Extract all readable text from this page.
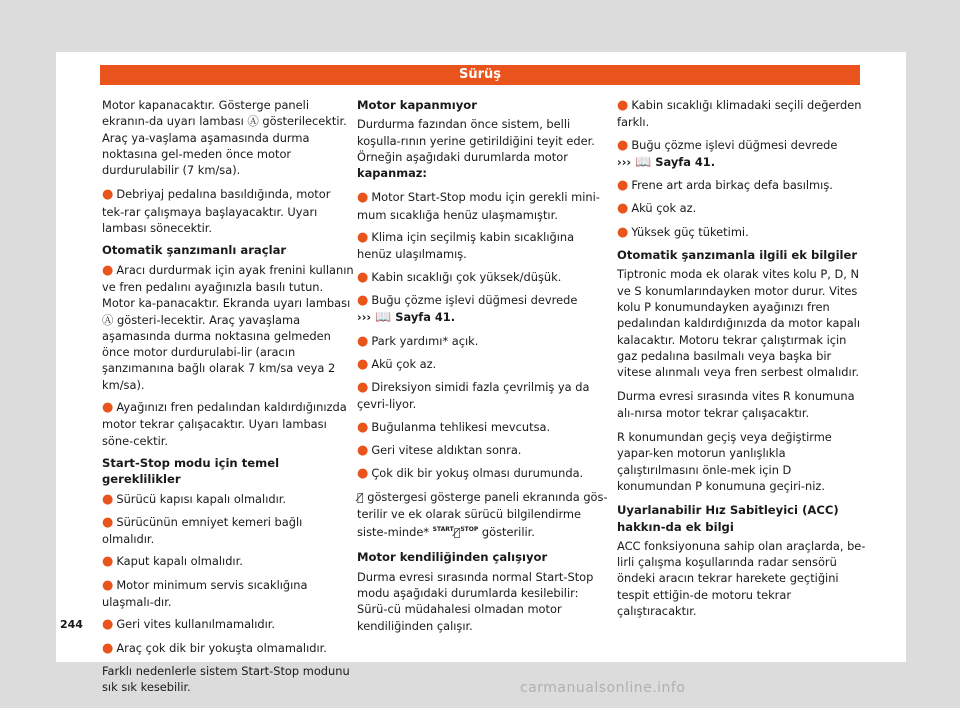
Sürüş

Motor kapanacaktır. Gösterge paneli ekranın-da uyarı lambası Ⓐ gösterilecektir. Araç ya-vaşlama aşamasında durma noktasına gel-meden önce motor durdurulabilir (7 km/sa).

● Debriyaj pedalına basıldığında, motor tek-rar çalışmaya başlayacaktır. Uyarı lambası sönecektir.
Otomatik şanzımanlı araçlar
● Aracı durdurmak için ayak frenini kullanın ve fren pedalını ayağınızla basılı tutun. Motor ka-panacaktır. Ekranda uyarı lambası Ⓐ gösteri-lecektir. Araç yavaşlama aşamasında durma noktasına gelmeden önce motor durdurulabi-lir (aracın şanzımanına bağlı olarak 7 km/sa veya 2 km/sa).
● Ayağınızı fren pedalından kaldırdığınızda motor tekrar çalışacaktır. Uyarı lambası söne-cektir.
Start-Stop modu için temel gereklilikler
● Sürücü kapısı kapalı olmalıdır.
● Sürücünün emniyet kemeri bağlı olmalıdır.
● Kaput kapalı olmalıdır.
● Motor minimum servis sıcaklığına ulaşmalı-dır.
● Geri vites kullanılmamalıdır.
● Araç çok dik bir yokuşta olmamalıdır.

Farklı nedenlerle sistem Start-Stop modunu sık sık kesebilir.

Motor kapanmıyor

Durdurma fazından önce sistem, belli koşulla-rının yerine getirildiğini teyit eder. Örneğin aşağıdaki durumlarda motor kapanmaz:

● Motor Start-Stop modu için gerekli mini-mum sıcaklığa henüz ulaşmamıştır.
● Klima için seçilmiş kabin sıcaklığına henüz ulaşılmamış.
● Kabin sıcaklığı çok yüksek/düşük.
● Buğu çözme işlevi düğmesi devrede
››› 📖 Sayfa 41.
● Park yardımı* açık.
● Akü çok az.
● Direksiyon simidi fazla çevrilmiş ya da çevri-liyor.
● Buğulanma tehlikesi mevcutsa.
● Geri vitese aldıktan sonra.
● Çok dik bir yokuş olması durumunda.

Ⓐ̸ göstergesi gösterge paneli ekranında gös-terilir ve ek olarak sürücü bilgilendirme siste-minde* $^{START}$Ⓐ̸$^{STOP}$ gösterilir.

Motor kendiliğinden çalışıyor

Durma evresi sırasında normal Start-Stop modu aşağıdaki durumlarda kesilebilir: Sürü-cü müdahalesi olmadan motor kendiliğinden çalışır.

● Kabin sıcaklığı klimadaki seçili değerden farklı.
● Buğu çözme işlevi düğmesi devrede
››› 📖 Sayfa 41.
● Frene art arda birkaç defa basılmış.
● Akü çok az.
● Yüksek güç tüketimi.
Otomatik şanzımanla ilgili ek bilgiler

Tiptronic moda ek olarak vites kolu P, D, N ve S konumlarındayken motor durur. Vites kolu P konumundayken ayağınızı fren pedalından kaldırdığınızda da motor kapalı kalacaktır. Motoru tekrar çalıştırmak için gaz pedalına basılmalı veya başka bir vitese alınmalı veya fren serbest olmalıdır.

Durma evresi sırasında vites R konumuna alı-nırsa motor tekrar çalışacaktır.

R konumundan geçiş veya değiştirme yapar-ken motorun yanlışlıkla çalıştırılmasını önle-mek için D konumundan P konumuna geçiri-niz.

Uyarlanabilir Hız Sabitleyici (ACC) hakkın-da ek bilgi

ACC fonksiyonuna sahip olan araçlarda, be-lirli çalışma koşullarında radar sensörü öndeki aracın tekrar harekete geçtiğini tespit ettiğin-de motoru tekrar çalıştıracaktır.

244
carmanualsonline.info
